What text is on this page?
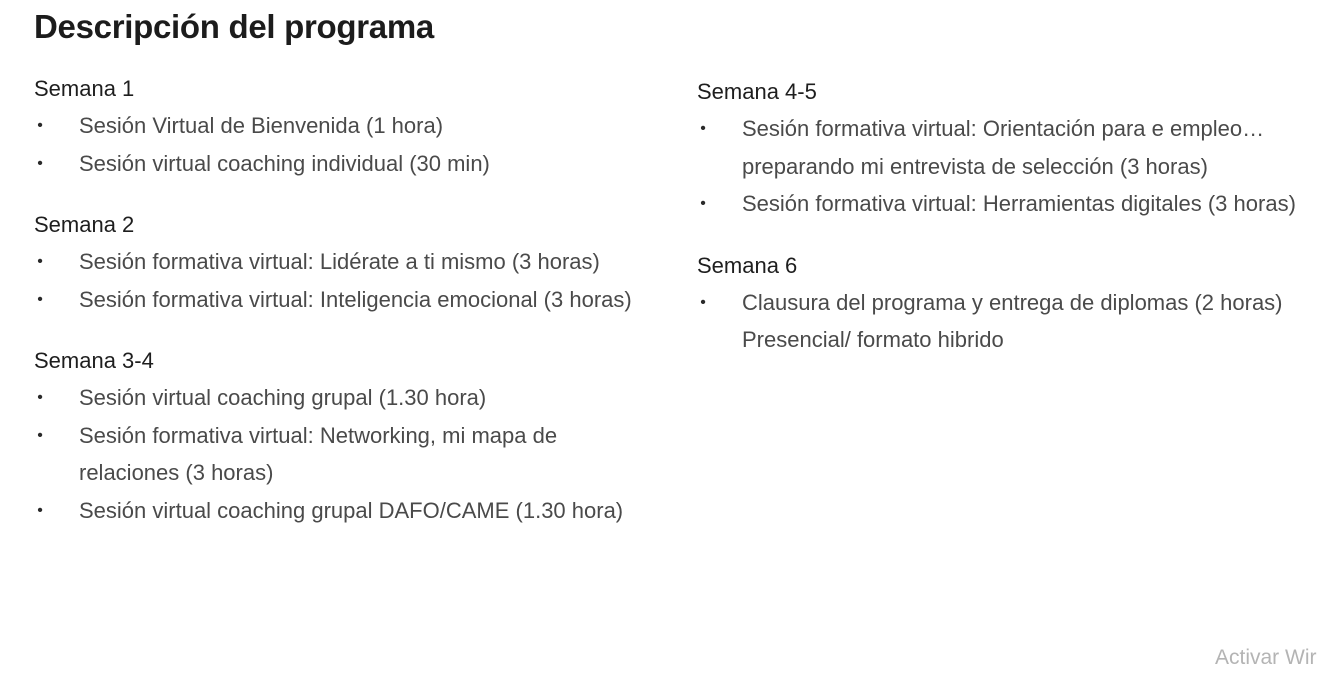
Descripción del programa
Semana 1
• Sesión Virtual de Bienvenida (1 hora)
• Sesión virtual coaching individual (30 min)
Semana 2
• Sesión formativa virtual: Lidérate a ti mismo (3 horas)
• Sesión formativa virtual: Inteligencia emocional (3 horas)
Semana 3-4
• Sesión virtual coaching grupal (1.30 hora)
• Sesión formativa virtual: Networking, mi mapa de relaciones (3 horas)
• Sesión virtual coaching grupal DAFO/CAME (1.30 hora)
Semana 4-5
• Sesión formativa virtual: Orientación para e empleo… preparando mi entrevista de selección (3 horas)
• Sesión formativa virtual: Herramientas digitales (3 horas)
Semana 6
• Clausura del programa y entrega de diplomas (2 horas) Presencial/ formato hibrido
Activar Wir
